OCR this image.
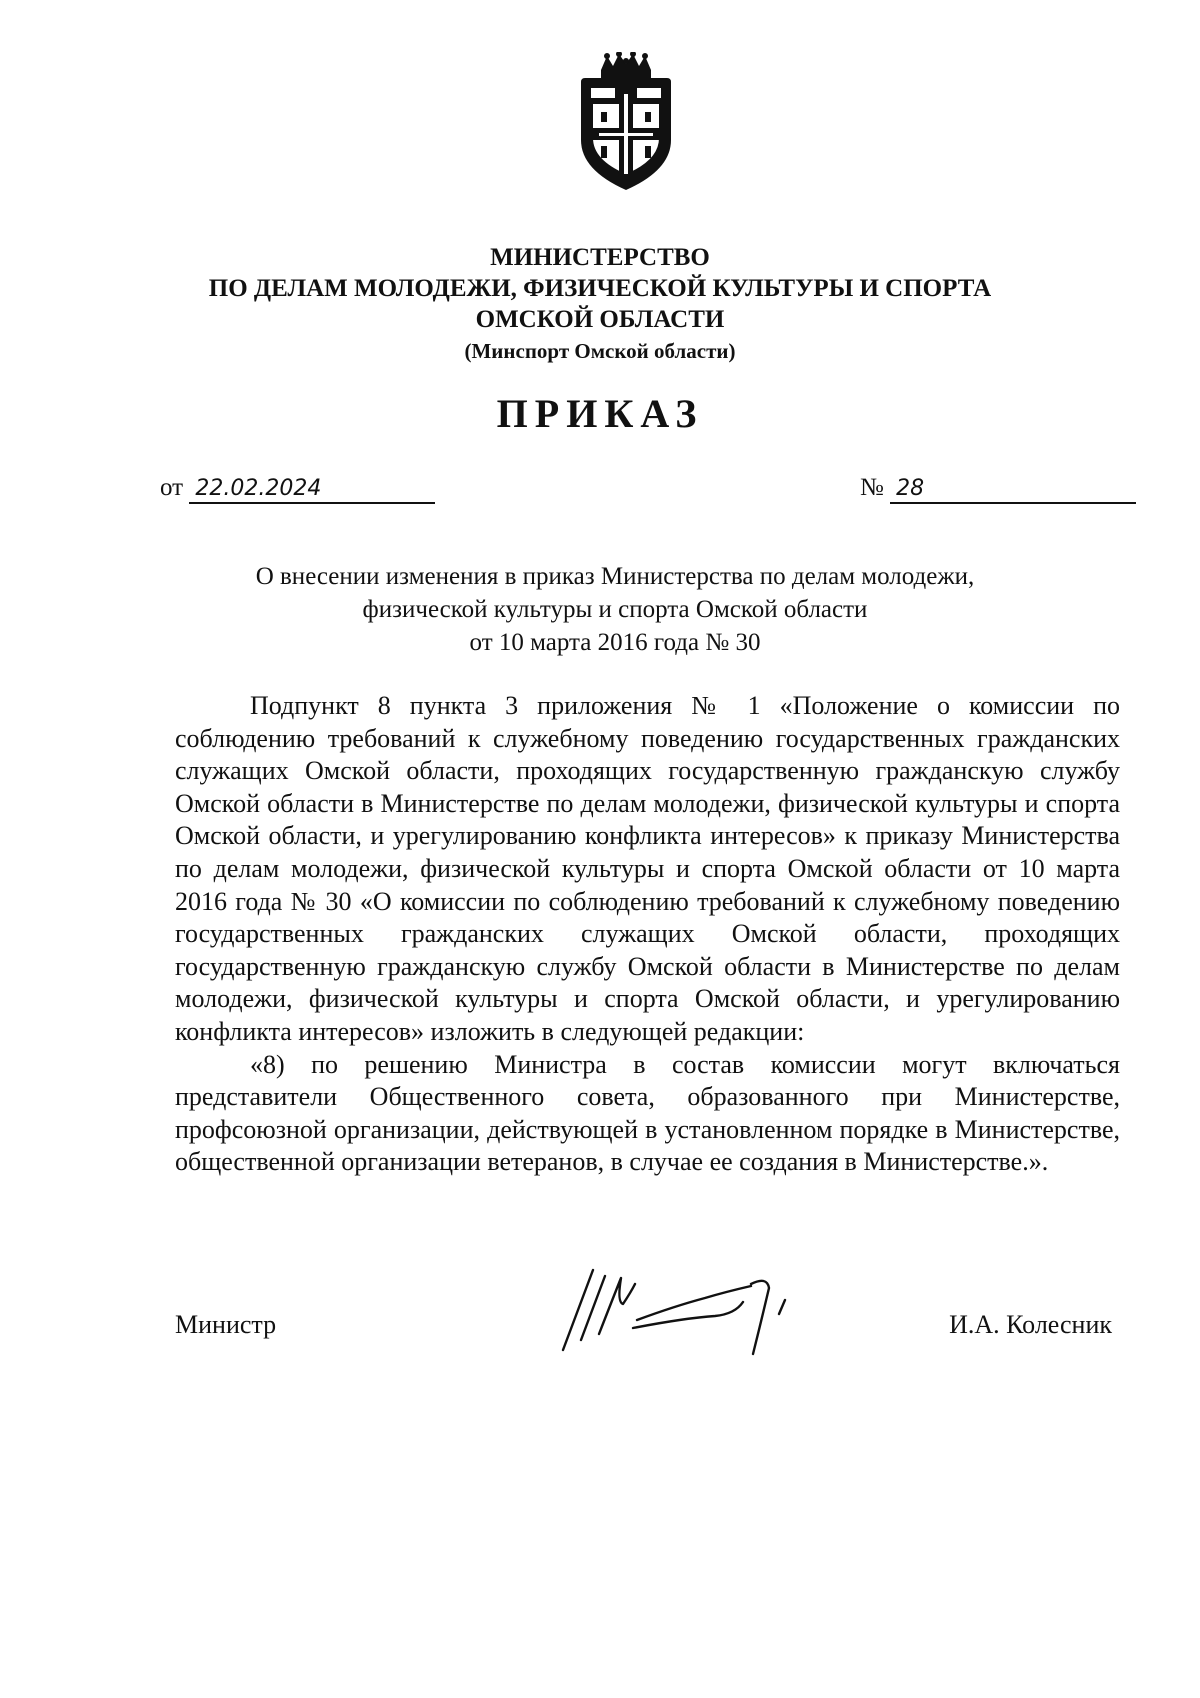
МИНИСТЕРСТВО
ПО ДЕЛАМ МОЛОДЕЖИ, ФИЗИЧЕСКОЙ КУЛЬТУРЫ И СПОРТА
ОМСКОЙ ОБЛАСТИ
(Минспорт Омской области)
ПРИКАЗ
от 22.02.2024	№ 28
О внесении изменения в приказ Министерства по делам молодежи,
физической культуры и спорта Омской области
от 10 марта 2016 года № 30

Подпункт 8 пункта 3 приложения № 1 «Положение о комиссии по соблюдению требований к служебному поведению государственных гражданских служащих Омской области, проходящих государственную гражданскую службу Омской области в Министерстве по делам молодежи, физической культуры и спорта Омской области, и урегулированию конфликта интересов» к приказу Министерства по делам молодежи, физической культуры и спорта Омской области от 10 марта 2016 года № 30 «О комиссии по соблюдению требований к служебному поведению государственных гражданских служащих Омской области, проходящих государственную гражданскую службу Омской области в Министерстве по делам молодежи, физической культуры и спорта Омской области, и урегулированию конфликта интересов» изложить в следующей редакции:

«8) по решению Министра в состав комиссии могут включаться представители Общественного совета, образованного при Министерстве, профсоюзной организации, действующей в установленном порядке в Министерстве, общественной организации ветеранов, в случае ее создания в Министерстве.».

Министр	И.А. Колесник
